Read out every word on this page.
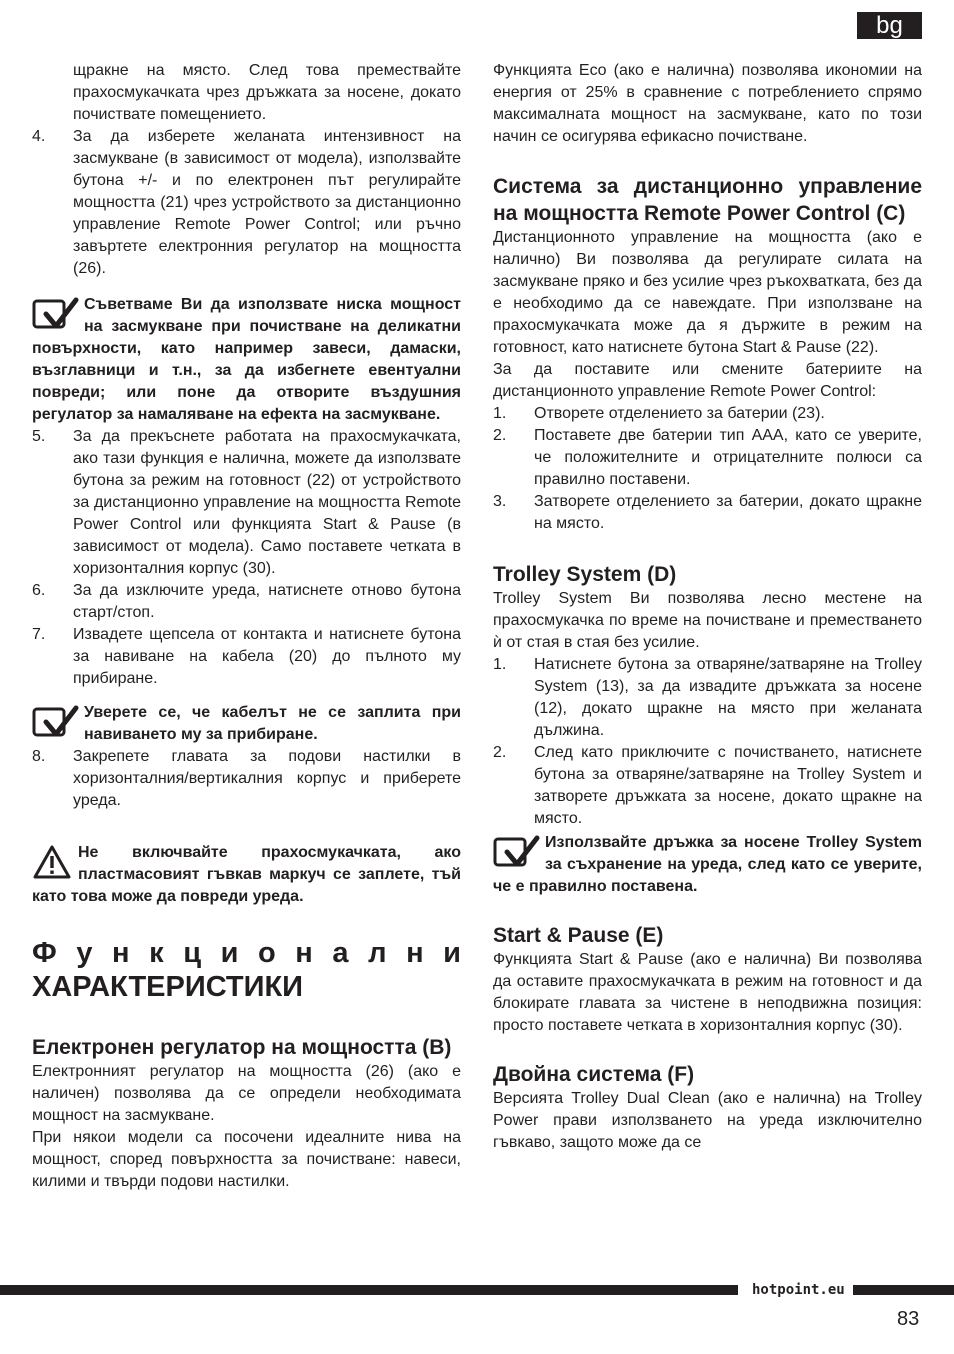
bg
щракне на място. След това премествайте прахосмукачката чрез дръжката за носене, докато почиствате помещението.
4.	За да изберете желаната интензивност на засмукване (в зависимост от модела), използвайте бутона +/- и по електронен път регулирайте мощността (21) чрез устройството за дистанционно управление Remote Power Control; или ръчно завъртете електронния регулатор на мощността (26).
Съветваме Ви да използвате ниска мощност на засмукване при почистване на деликатни повърхности, като например завеси, дамаски, възглавници и т.н., за да избегнете евентуални повреди; или поне да отворите въздушния регулатор за намаляване на ефекта на засмукване.
5.	За да прекъснете работата на прахосмукачката, ако тази функция е налична, можете да използвате бутона за режим на готовност (22) от устройството за дистанционно управление на мощността Remote Power Control или функцията Start & Pause (в зависимост от модела). Само поставете четката в хоризонталния корпус (30).
6.	За да изключите уреда, натиснете отново бутона старт/стоп.
7.	Извадете щепсела от контакта и натиснете бутона за навиване на кабела (20) до пълното му прибиране.
Уверете се, че кабелът не се заплита при навиването му за прибиране.
8.	Закрепете главата за подови настилки в хоризонталния/вертикалния корпус и приберете уреда.
Не включвайте прахосмукачката, ако пластмасовият гъвкав маркуч се заплете, тъй като това може да повреди уреда.
Ф у н к ц и о н а л н и
ХАРАКТЕРИСТИКИ
Електронен регулатор на мощността (B)
Електронният регулатор на мощността (26) (ако е наличен) позволява да се определи необходимата мощност на засмукване.
При някои модели са посочени идеалните нива на мощност, според повърхността за почистване: навеси, килими и твърди подови настилки.
Функцията Eco (ако е налична) позволява икономии на енергия от 25% в сравнение с потреблението спрямо максималната мощност на засмукване, като по този начин се осигурява ефикасно почистване.
Система за дистанционно управление на мощността Remote Power Control (C)
Дистанционното управление на мощността (ако е налично) Ви позволява да регулирате силата на засмукване пряко и без усилие чрез ръкохватката, без да е необходимо да се навеждате. При използване на прахосмукачката може да я държите в режим на готовност, като натиснете бутона Start & Pause (22).
За да поставите или смените батериите на дистанционното управление Remote Power Control:
1.	Отворете отделението за батерии (23).
2.	Поставете две батерии тип AAA, като се уверите, че положителните и отрицателните полюси са правилно поставени.
3.	Затворете отделението за батерии, докато щракне на място.
Trolley System (D)
Trolley System Ви позволява лесно местене на прахосмукачка по време на почистване и преместването ѝ от стая в стая без усилие.
1.	Натиснете бутона за отваряне/затваряне на Trolley System (13), за да извадите дръжката за носене (12), докато щракне на място при желаната дължина.
2.	След като приключите с почистването, натиснете бутона за отваряне/затваряне на Trolley System и затворете дръжката за носене, докато щракне на място.
Използвайте дръжка за носене Trolley System за съхранение на уреда, след като се уверите, че е правилно поставена.
Start & Pause (E)
Функцията Start & Pause (ако е налична) Ви позволява да оставите прахосмукачката в режим на готовност и да блокирате главата за чистене в неподвижна позиция: просто поставете четката в хоризонталния корпус (30).
Двойна система (F)
Версията Trolley Dual Clean (ако е налична) на Trolley Power прави използването на уреда изключително гъвкаво, защото може да се
hotpoint.eu
83
